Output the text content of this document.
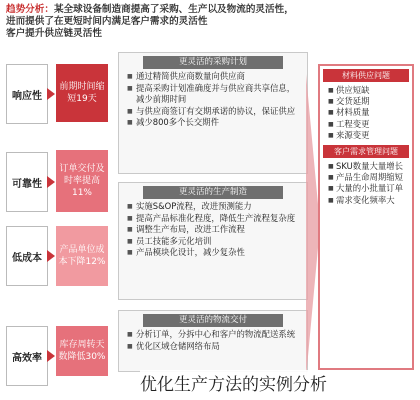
趋势分析：某全球设备制造商提高了采购、生产以及物流的灵活性，
进而提供了在更短时间内满足客户需求的灵活性
客户提升供应链灵活性
响应性
前期时间缩短19天
可靠性
订单交付及时率提高11%
低成本
产品单位成本下降12%
高效率
库存周转天数降低30%
更灵活的采购计划
■ 通过精简供应商数量向供应商
■ 提高采购计划准确度并与供应商共享信息，减少前期时间
■ 与供应商签订有交期承诺的协议，保证供应
■ 减少800多个长交期件
更灵活的生产制造
■ 实施S&OP流程，改进预测能力
■ 提高产品标准化程度，降低生产流程复杂度
■ 调整生产布局，改进工作流程
■ 员工技能多元化培训
■ 产品模块化设计，减少复杂性
更灵活的物流交付
■ 分析订单，分拆中心和客户的物流配送系统
■ 优化区域仓储网络布局
材料供应问题
■ 供应短缺
■ 交货延期
■ 材料质量
■ 工程变更
■ 来源变更
客户需求管理问题
■ SKU数量大量增长
■ 产品生命周期缩短
■ 大量的小批量订单
■ 需求变化频率大
优化生产方法的实例分析
